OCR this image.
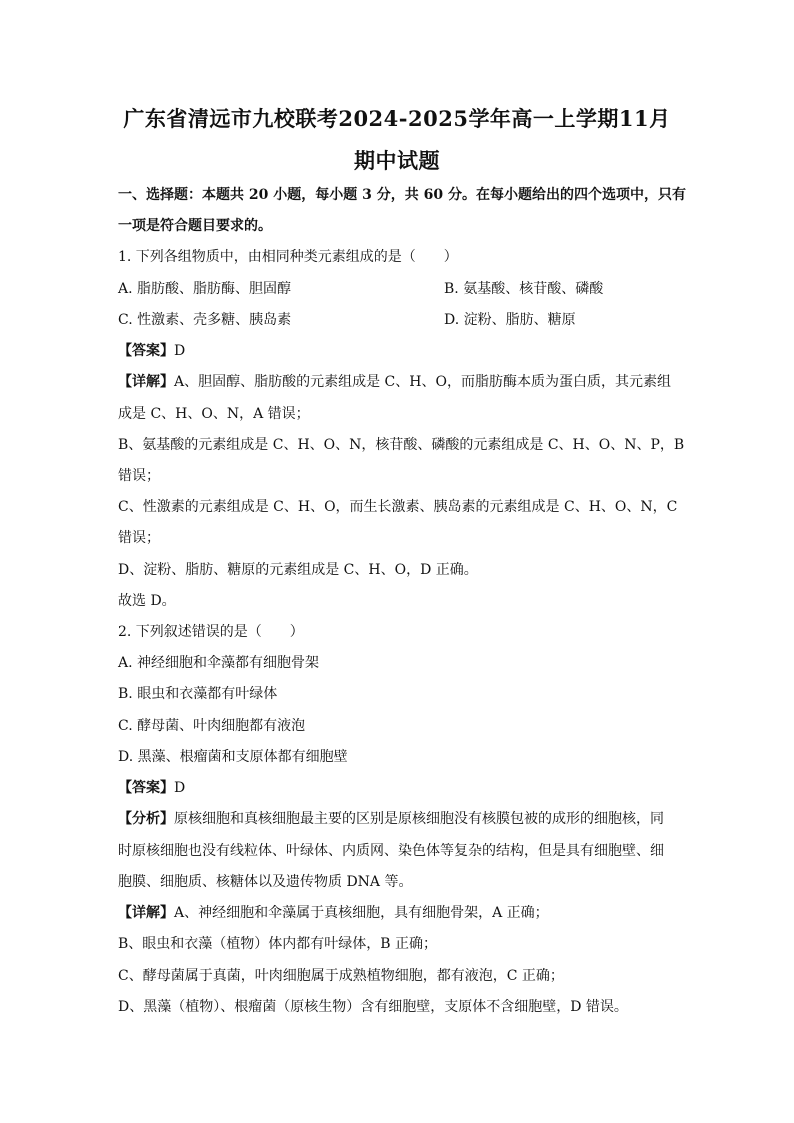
广东省清远市九校联考2024-2025学年高一上学期11月
期中试题
一、选择题：本题共 20 小题，每小题 3 分，共 60 分。在每小题给出的四个选项中，只有
一项是符合题目要求的。
1. 下列各组物质中，由相同种类元素组成的是（　　）
A. 脂肪酸、脂肪酶、胆固醇	B. 氨基酸、核苷酸、磷酸
C. 性激素、壳多糖、胰岛素	D. 淀粉、脂肪、糖原
【答案】D
【详解】A、胆固醇、脂肪酸的元素组成是 C、H、O，而脂肪酶本质为蛋白质，其元素组
成是 C、H、O、N，A 错误；
B、氨基酸的元素组成是 C、H、O、N，核苷酸、磷酸的元素组成是 C、H、O、N、P，B
错误；
C、性激素的元素组成是 C、H、O，而生长激素、胰岛素的元素组成是 C、H、O、N，C
错误；
D、淀粉、脂肪、糖原的元素组成是 C、H、O，D 正确。
故选 D。
2. 下列叙述错误的是（　　）
A. 神经细胞和伞藻都有细胞骨架
B. 眼虫和衣藻都有叶绿体
C. 酵母菌、叶肉细胞都有液泡
D. 黑藻、根瘤菌和支原体都有细胞壁
【答案】D
【分析】原核细胞和真核细胞最主要的区别是原核细胞没有核膜包被的成形的细胞核，同
时原核细胞也没有线粒体、叶绿体、内质网、染色体等复杂的结构，但是具有细胞壁、细
胞膜、细胞质、核糖体以及遗传物质 DNA 等。
【详解】A、神经细胞和伞藻属于真核细胞，具有细胞骨架，A 正确；
B、眼虫和衣藻（植物）体内都有叶绿体，B 正确；
C、酵母菌属于真菌，叶肉细胞属于成熟植物细胞，都有液泡，C 正确；
D、黑藻（植物）、根瘤菌（原核生物）含有细胞壁，支原体不含细胞壁，D 错误。
